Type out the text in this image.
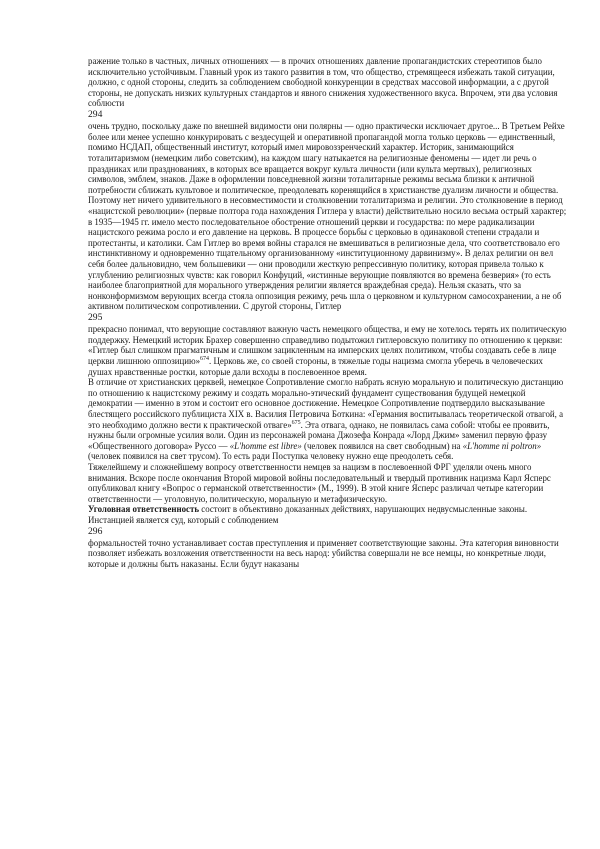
ражение только в частных, личных отношениях — в прочих отношениях давление пропагандистских стереотипов было исключительно устойчивым. Главный урок из такого развития в том, что общество, стремящееся избежать такой ситуации, должно, с одной стороны, следить за соблюдением свободной конкуренции в средствах массовой информации, а с другой стороны, не допускать низких культурных стандартов и явного снижения художественного вкуса. Впрочем, эти два условия соблюсти

294

очень трудно, поскольку даже по внешней видимости они полярны — одно практически исключает другое... В Третьем Рейхе более или менее успешно конкурировать с вездесущей и оперативной пропагандой могла только церковь — единственный, помимо НСДАП, общественный институт, который имел мировоззренческий характер. Историк, занимающийся тоталитаризмом (немецким либо советским), на каждом шагу натыкается на религиозные феномены — идет ли речь о праздниках или празднованиях, в которых все вращается вокруг культа личности (или культа мертвых), религиозных символов, эмблем, знаков. Даже в оформлении повседневной жизни тоталитарные режимы весьма близки к античной потребности сближать культовое и политическое, преодолевать коренящийся в христианстве дуализм личности и общества. Поэтому нет ничего удивительного в несовместимости и столкновении тоталитаризма и религии. Это столкновение в период «нацистской революции» (первые полтора года нахождения Гитлера у власти) действительно носило весьма острый характер; в 1935—1945 гг. имело место последовательное обострение отношений церкви и государства: по мере радикализации нацистского режима росло и его давление на церковь. В процессе борьбы с церковью в одинаковой степени страдали и протестанты, и католики. Сам Гитлер во время войны старался не вмешиваться в религиозные дела, что соответствовало его инстинктивному и одновременно тщательному организованному «институционному дарвинизму». В делах религии он вел себя более дальновидно, чем большевики — они проводили жесткую репрессивную политику, которая привела только к углублению религиозных чувств: как говорил Конфуций, «истинные верующие появляются во времена безверия» (то есть наиболее благоприятной для морального утверждения религии является враждебная среда). Нельзя сказать, что за нонконформизмом верующих всегда стояла оппозиция режиму, речь шла о церковном и культурном самосохранении, а не об активном политическом сопротивлении. С другой стороны, Гитлер

295

прекрасно понимал, что верующие составляют важную часть немецкого общества, и ему не хотелось терять их политическую поддержку. Немецкий историк Брахер совершенно справедливо подытожил гитлеровскую политику по отношению к церкви: «Гитлер был слишком прагматичным и слишком зацикленным на имперских целях политиком, чтобы создавать себе в лице церкви лишнюю оппозицию»$^{674}$. Церковь же, со своей стороны, в тяжелые годы нацизма смогла уберечь в человеческих душах нравственные ростки, которые дали всходы в послевоенное время.

В отличие от христианских церквей, немецкое Сопротивление смогло набрать ясную моральную и политическую дистанцию по отношению к нацистскому режиму и создать морально-этический фундамент существования будущей немецкой демократии — именно в этом и состоит его основное достижение. Немецкое Сопротивление подтвердило высказывание блестящего российского публициста XIX в. Василия Петровича Боткина: «Германия воспитывалась теоретической отвагой, а это необходимо должно вести к практической отваге»$^{675}$. Эта отвага, однако, не появилась сама собой: чтобы ее проявить, нужны были огромные усилия воли. Один из персонажей романа Джозефа Конрада «Лорд Джим» заменил первую фразу «Общественного договора» Руссо — «L'homme est libre» (человек появился на свет свободным) на «L'homme ni poltron» (человек появился на свет трусом). То есть ради Поступка человеку нужно еще преодолеть себя.

Тяжелейшему и сложнейшему вопросу ответственности немцев за нацизм в послевоенной ФРГ уделяли очень много внимания. Вскоре после окончания Второй мировой войны последовательный и твердый противник нацизма Карл Ясперс опубликовал книгу «Вопрос о германской ответственности» (М., 1999). В этой книге Ясперс различал четыре категории ответственности — уголовную, политическую, моральную и метафизическую.

Уголовная ответственность состоит в объективно доказанных действиях, нарушающих недвусмысленные законы. Инстанцией является суд, который с соблюдением

296

формальностей точно устанавливает состав преступления и применяет соответствующие законы. Эта категория виновности позволяет избежать возложения ответственности на весь народ: убийства совершали не все немцы, но конкретные люди, которые и должны быть наказаны. Если будут наказаны
